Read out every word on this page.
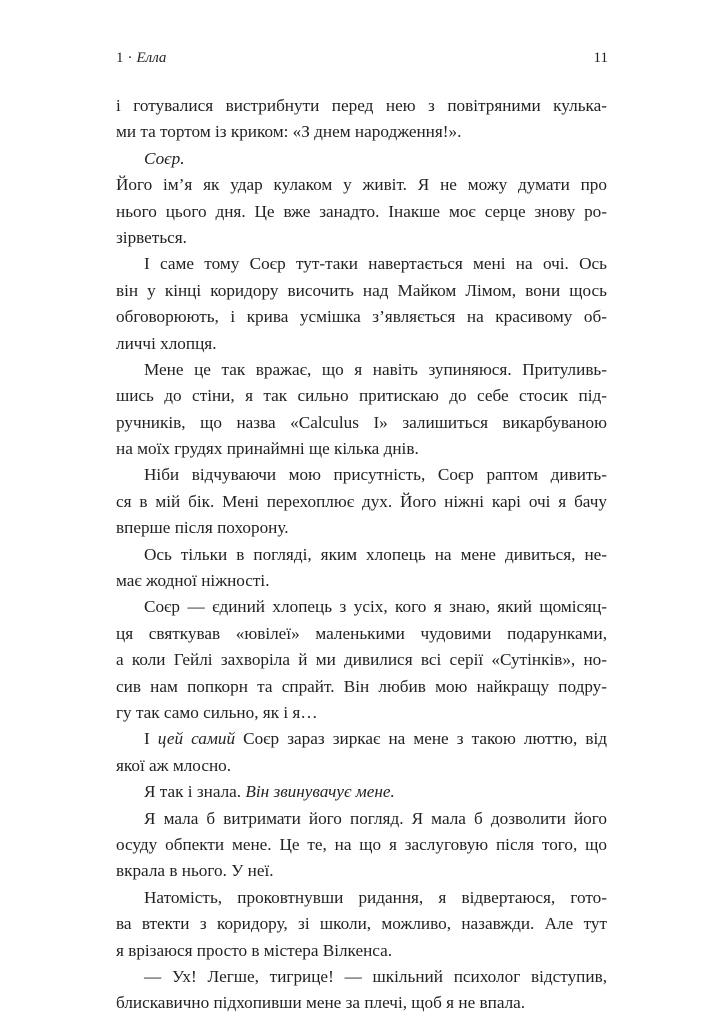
1 · Елла	11
і готувалися вистрибнути перед нею з повітряними кулька-
ми та тортом із криком: «З днем народження!».
Соєр.
Його ім’я як удар кулаком у живіт. Я не можу думати про
нього цього дня. Це вже занадто. Інакше моє серце знову ро-
зірветься.
І саме тому Соєр тут-таки навертається мені на очі. Ось
він у кінці коридору височить над Майком Лімом, вони щось
обговорюють, і крива усмішка з’являється на красивому об-
личчі хлопця.
Мене це так вражає, що я навіть зупиняюся. Притуливь-
шись до стіни, я так сильно притискаю до себе стосик під-
ручників, що назва «Calculus I» залишиться викарбуваною
на моїх грудях принаймні ще кілька днів.
Ніби відчуваючи мою присутність, Соєр раптом дивить-
ся в мій бік. Мені перехоплює дух. Його ніжні карі очі я бачу
вперше після похорону.
Ось тільки в погляді, яким хлопець на мене дивиться, не-
має жодної ніжності.
Соєр — єдиний хлопець з усіх, кого я знаю, який щомісяц-
ця святкував «ювілеї» маленькими чудовими подарунками,
а коли Гейлі захворіла й ми дивилися всі серії «Сутінків», но-
сив нам попкорн та спрайт. Він любив мою найкращу подру-
гу так само сильно, як і я…
І цей самий Соєр зараз зиркає на мене з такою люттю, від
якої аж млосно.
Я так і знала. Він звинувачує мене.
Я мала б витримати його погляд. Я мала б дозволити його
осуду обпекти мене. Це те, на що я заслуговую після того, що
вкрала в нього. У неї.
Натомість, проковтнувши ридання, я відвертаюся, гото-
ва втекти з коридору, зі школи, можливо, назавжди. Але тут
я врізаюся просто в містера Вілкенса.
— Ух! Легше, тигрице! — шкільний психолог відступив,
блискавично підхопивши мене за плечі, щоб я не впала.
